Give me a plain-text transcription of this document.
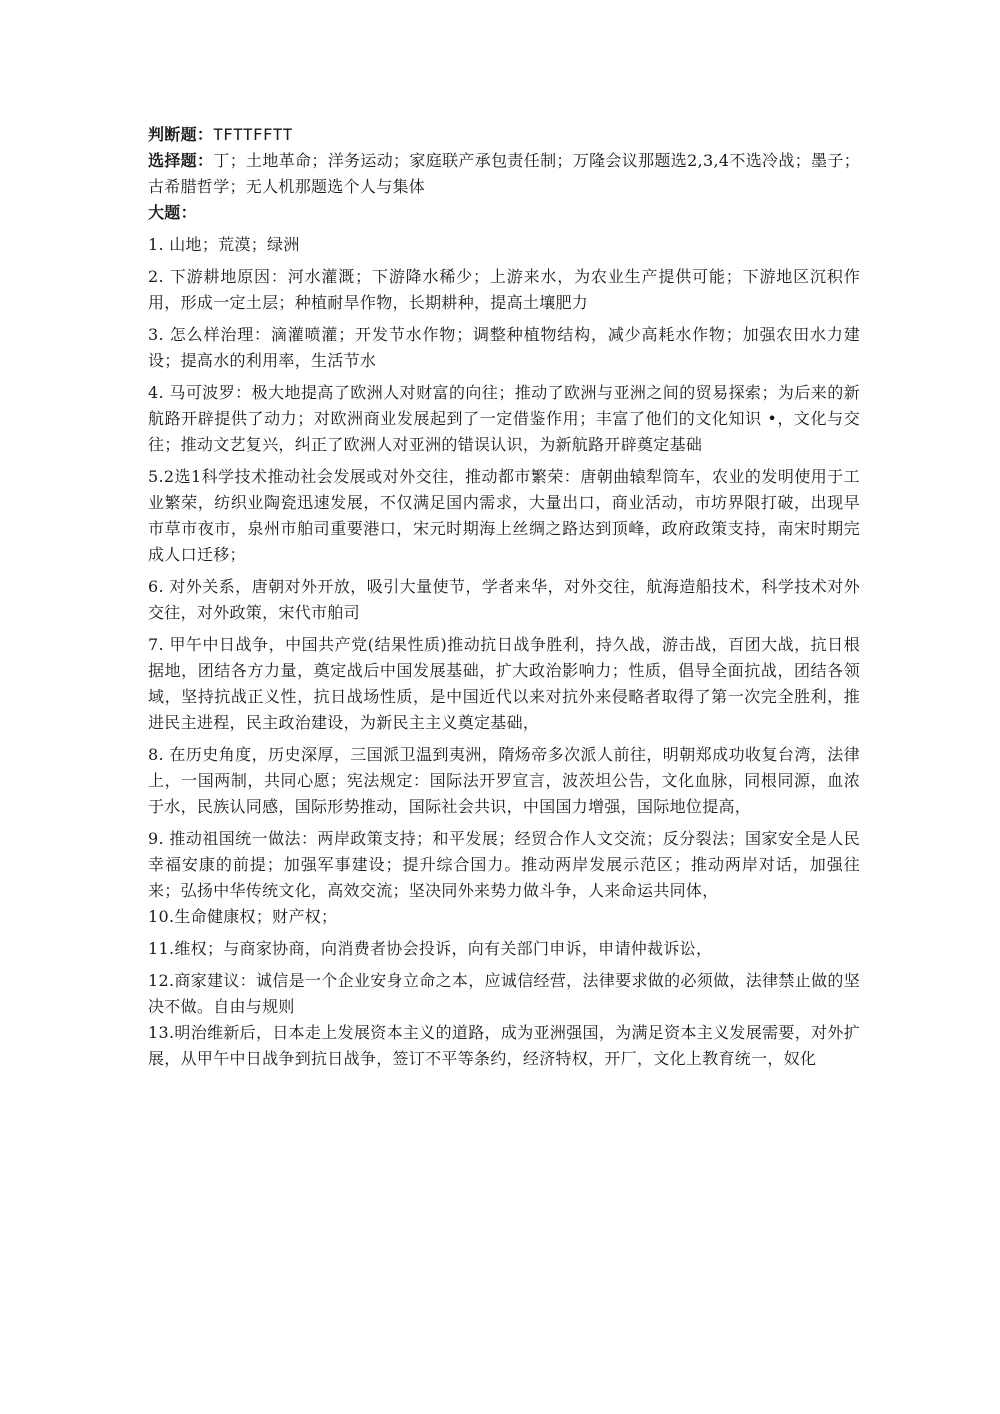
判断题：TFTTFFTT

选择题：丁；土地革命；洋务运动；家庭联产承包责任制；万隆会议那题选2,3,4不选冷战；墨子；古希腊哲学；无人机那题选个人与集体

大题：

1. 山地；荒漠；绿洲

2. 下游耕地原因：河水灌溉；下游降水稀少；上游来水，为农业生产提供可能；下游地区沉积作用，形成一定土层；种植耐旱作物，长期耕种，提高土壤肥力

3. 怎么样治理：滴灌喷灌；开发节水作物；调整种植物结构，减少高耗水作物；加强农田水力建设；提高水的利用率，生活节水

4. 马可波罗：极大地提高了欧洲人对财富的向往；推动了欧洲与亚洲之间的贸易探索；为后来的新航路开辟提供了动力；对欧洲商业发展起到了一定借鉴作用；丰富了他们的文化知识 •，文化与交往；推动文艺复兴，纠正了欧洲人对亚洲的错误认识，为新航路开辟奠定基础

5.2选1科学技术推动社会发展或对外交往，推动都市繁荣：唐朝曲辕犁筒车，农业的发明使用于工业繁荣，纺织业陶瓷迅速发展，不仅满足国内需求，大量出口，商业活动，市坊界限打破，出现早市草市夜市，泉州市舶司重要港口，宋元时期海上丝绸之路达到顶峰，政府政策支持，南宋时期完成人口迁移；

6. 对外关系，唐朝对外开放，吸引大量使节，学者来华，对外交往，航海造船技术，科学技术对外交往，对外政策，宋代市舶司

7. 甲午中日战争，中国共产党(结果性质)推动抗日战争胜利，持久战，游击战，百团大战，抗日根据地，团结各方力量，奠定战后中国发展基础，扩大政治影响力；性质，倡导全面抗战，团结各领域，坚持抗战正义性，抗日战场性质，是中国近代以来对抗外来侵略者取得了第一次完全胜利，推进民主进程，民主政治建设，为新民主主义奠定基础，

8. 在历史角度，历史深厚，三国派卫温到夷洲，隋炀帝多次派人前往，明朝郑成功收复台湾，法律上，一国两制，共同心愿；宪法规定：国际法开罗宣言，波茨坦公告，文化血脉，同根同源，血浓于水，民族认同感，国际形势推动，国际社会共识，中国国力增强，国际地位提高，

9. 推动祖国统一做法：两岸政策支持；和平发展；经贸合作人文交流；反分裂法；国家安全是人民幸福安康的前提；加强军事建设；提升综合国力。推动两岸发展示范区；推动两岸对话，加强往来；弘扬中华传统文化，高效交流；坚决同外来势力做斗争，人来命运共同体，

10.生命健康权；财产权；

11.维权；与商家协商，向消费者协会投诉，向有关部门申诉，申请仲裁诉讼，

12.商家建议：诚信是一个企业安身立命之本，应诚信经营，法律要求做的必须做，法律禁止做的坚决不做。自由与规则

13.明治维新后，日本走上发展资本主义的道路，成为亚洲强国，为满足资本主义发展需要，对外扩展，从甲午中日战争到抗日战争，签订不平等条约，经济特权，开厂，文化上教育统一，奴化
